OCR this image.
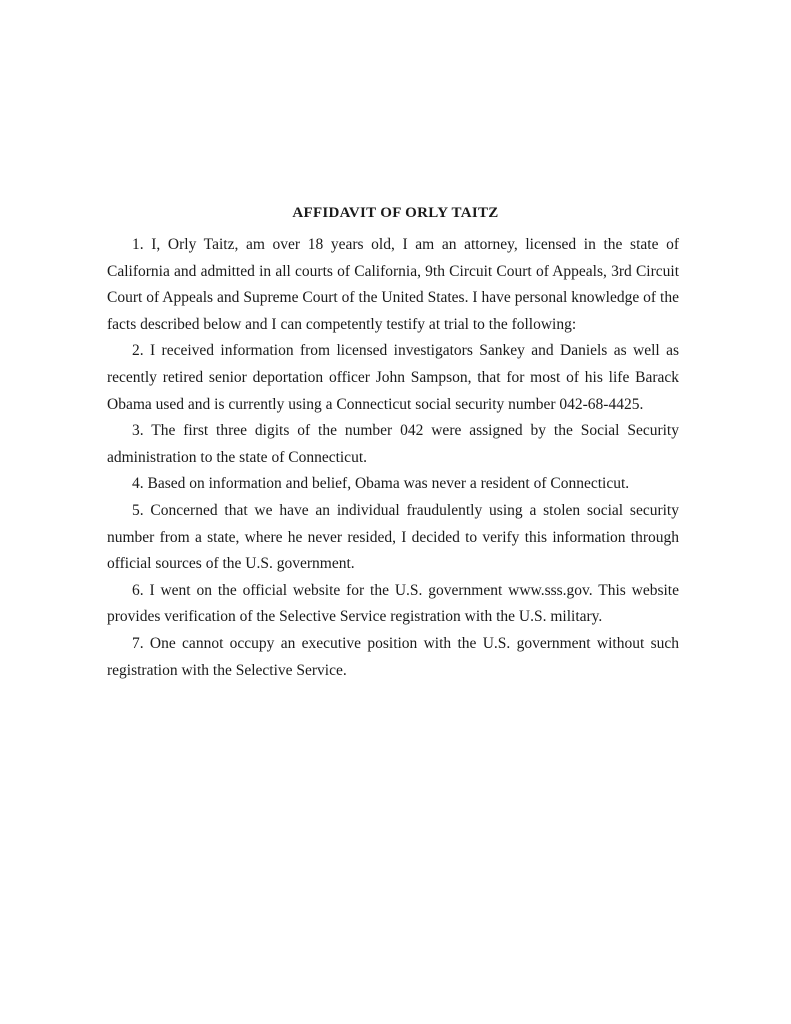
AFFIDAVIT OF ORLY TAITZ

1. I, Orly Taitz, am over 18 years old, I am an attorney, licensed in the state of California and admitted in all courts of California, 9th Circuit Court of Appeals, 3rd Circuit Court of Appeals and Supreme Court of the United States. I have personal knowledge of the facts described below and I can competently testify at trial to the following:

2. I received information from licensed investigators Sankey and Daniels as well as recently retired senior deportation officer John Sampson, that for most of his life Barack Obama used and is currently using a Connecticut social security number 042-68-4425.

3. The first three digits of the number 042 were assigned by the Social Security administration to the state of Connecticut.

4. Based on information and belief, Obama was never a resident of Connecticut.

5. Concerned that we have an individual fraudulently using a stolen social security number from a state, where he never resided, I decided to verify this information through official sources of the U.S. government.

6. I went on the official website for the U.S. government www.sss.gov. This website provides verification of the Selective Service registration with the U.S. military.

7. One cannot occupy an executive position with the U.S. government without such registration with the Selective Service.
